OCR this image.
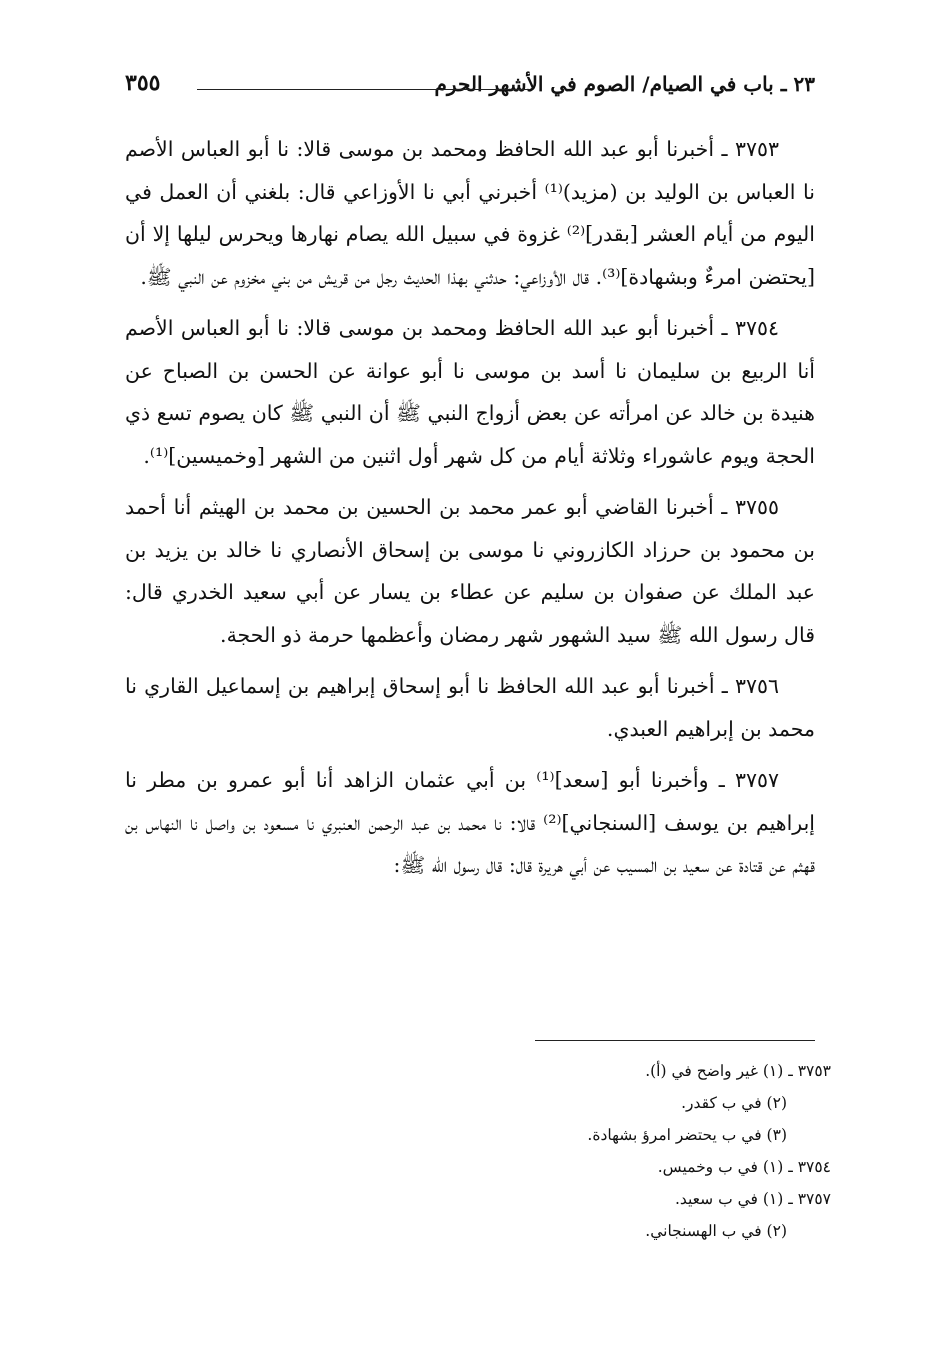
٢٣ ـ باب في الصيام/ الصوم في الأشهر الحرم
٣٥٥

٣٧٥٣ ـ أخبرنا أبو عبد الله الحافظ ومحمد بن موسى قالا: نا أبو العباس الأصم نا العباس بن الوليد بن (مزيد)⁽¹⁾ أخبرني أبي نا الأوزاعي قال: بلغني أن العمل في اليوم من أيام العشر [بقدر]⁽²⁾ غزوة في سبيل الله يصام نهارها ويحرس ليلها إلا أن [يحتضن امرءٌ وبشهادة]⁽³⁾. قال الأوزاعي: حدثني بهذا الحديث رجل من قريش من بني مخزوم عن النبي ﷺ.

٣٧٥٤ ـ أخبرنا أبو عبد الله الحافظ ومحمد بن موسى قالا: نا أبو العباس الأصم أنا الربيع بن سليمان نا أسد بن موسى نا أبو عوانة عن الحسن بن الصباح عن هنيدة بن خالد عن امرأته عن بعض أزواج النبي ﷺ أن النبي ﷺ كان يصوم تسع ذي الحجة ويوم عاشوراء وثلاثة أيام من كل شهر أول اثنين من الشهر [وخميسين]⁽¹⁾.

٣٧٥٥ ـ أخبرنا القاضي أبو عمر محمد بن الحسين بن محمد بن الهيثم أنا أحمد بن محمود بن حرزاد الكازروني نا موسى بن إسحاق الأنصاري نا خالد بن يزيد بن عبد الملك عن صفوان بن سليم عن عطاء بن يسار عن أبي سعيد الخدري قال: قال رسول الله ﷺ سيد الشهور شهر رمضان وأعظمها حرمة ذو الحجة.

٣٧٥٦ ـ أخبرنا أبو عبد الله الحافظ نا أبو إسحاق إبراهيم بن إسماعيل القاري نا محمد بن إبراهيم العبدي.

٣٧٥٧ ـ وأخبرنا أبو [سعد]⁽¹⁾ بن أبي عثمان الزاهد أنا أبو عمرو بن مطر نا إبراهيم بن يوسف [السنجاني]⁽²⁾ قالا: نا محمد بن عبد الرحمن العنبري نا مسعود بن واصل نا النهاس بن قهثم عن قتادة عن سعيد بن المسيب عن أبي هريرة قال: قال رسول الله ﷺ:

٣٧٥٣ ـ (١) غير واضح في (أ).

(٢) في ب كقدر.

(٣) في ب يحتضر امرؤ بشهادة.

٣٧٥٤ ـ (١) في ب وخميس.

٣٧٥٧ ـ (١) في ب سعيد.

(٢) في ب الهسنجاني.
